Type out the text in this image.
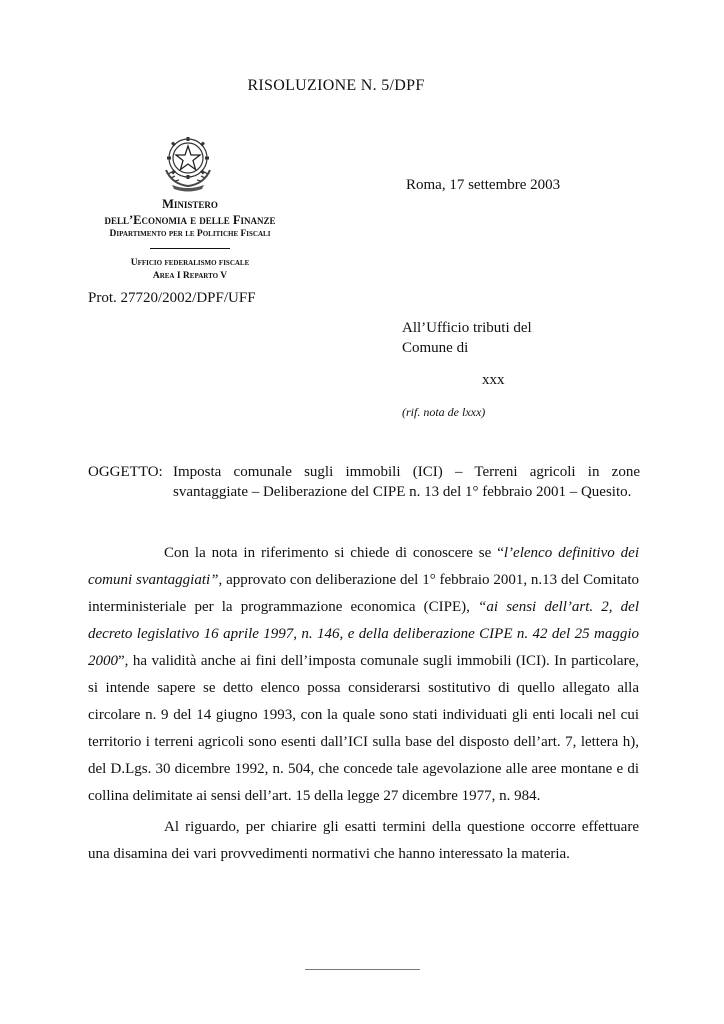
RISOLUZIONE N. 5/DPF
Ministero
dell’Economia e delle Finanze
Dipartimento per le Politiche Fiscali
Ufficio federalismo fiscale
Area I Reparto V
Roma, 17 settembre 2003
Prot. 27720/2002/DPF/UFF
All’Ufficio tributi del
Comune di
xxx
(rif. nota de lxxx)
OGGETTO: Imposta comunale sugli immobili (ICI) – Terreni agricoli in zone svantaggiate – Deliberazione del CIPE n. 13 del 1° febbraio 2001 – Quesito.

Con la nota in riferimento si chiede di conoscere se “l’elenco definitivo dei comuni svantaggiati”, approvato con deliberazione del 1° febbraio 2001, n.13 del Comitato interministeriale per la programmazione economica (CIPE), “ai sensi dell’art. 2, del decreto legislativo 16 aprile 1997, n. 146, e della deliberazione CIPE n. 42 del 25 maggio 2000”, ha validità anche ai fini dell’imposta comunale sugli immobili (ICI). In particolare, si intende sapere se detto elenco possa considerarsi sostitutivo di quello allegato alla circolare n. 9 del 14 giugno 1993, con la quale sono stati individuati gli enti locali nel cui territorio i terreni agricoli sono esenti dall’ICI sulla base del disposto dell’art. 7, lettera h), del D.Lgs. 30 dicembre 1992, n. 504, che concede tale agevolazione alle aree montane e di collina delimitate ai sensi dell’art. 15 della legge 27 dicembre 1977, n. 984.

Al riguardo, per chiarire gli esatti termini della questione occorre effettuare una disamina dei vari provvedimenti normativi che hanno interessato la materia.
